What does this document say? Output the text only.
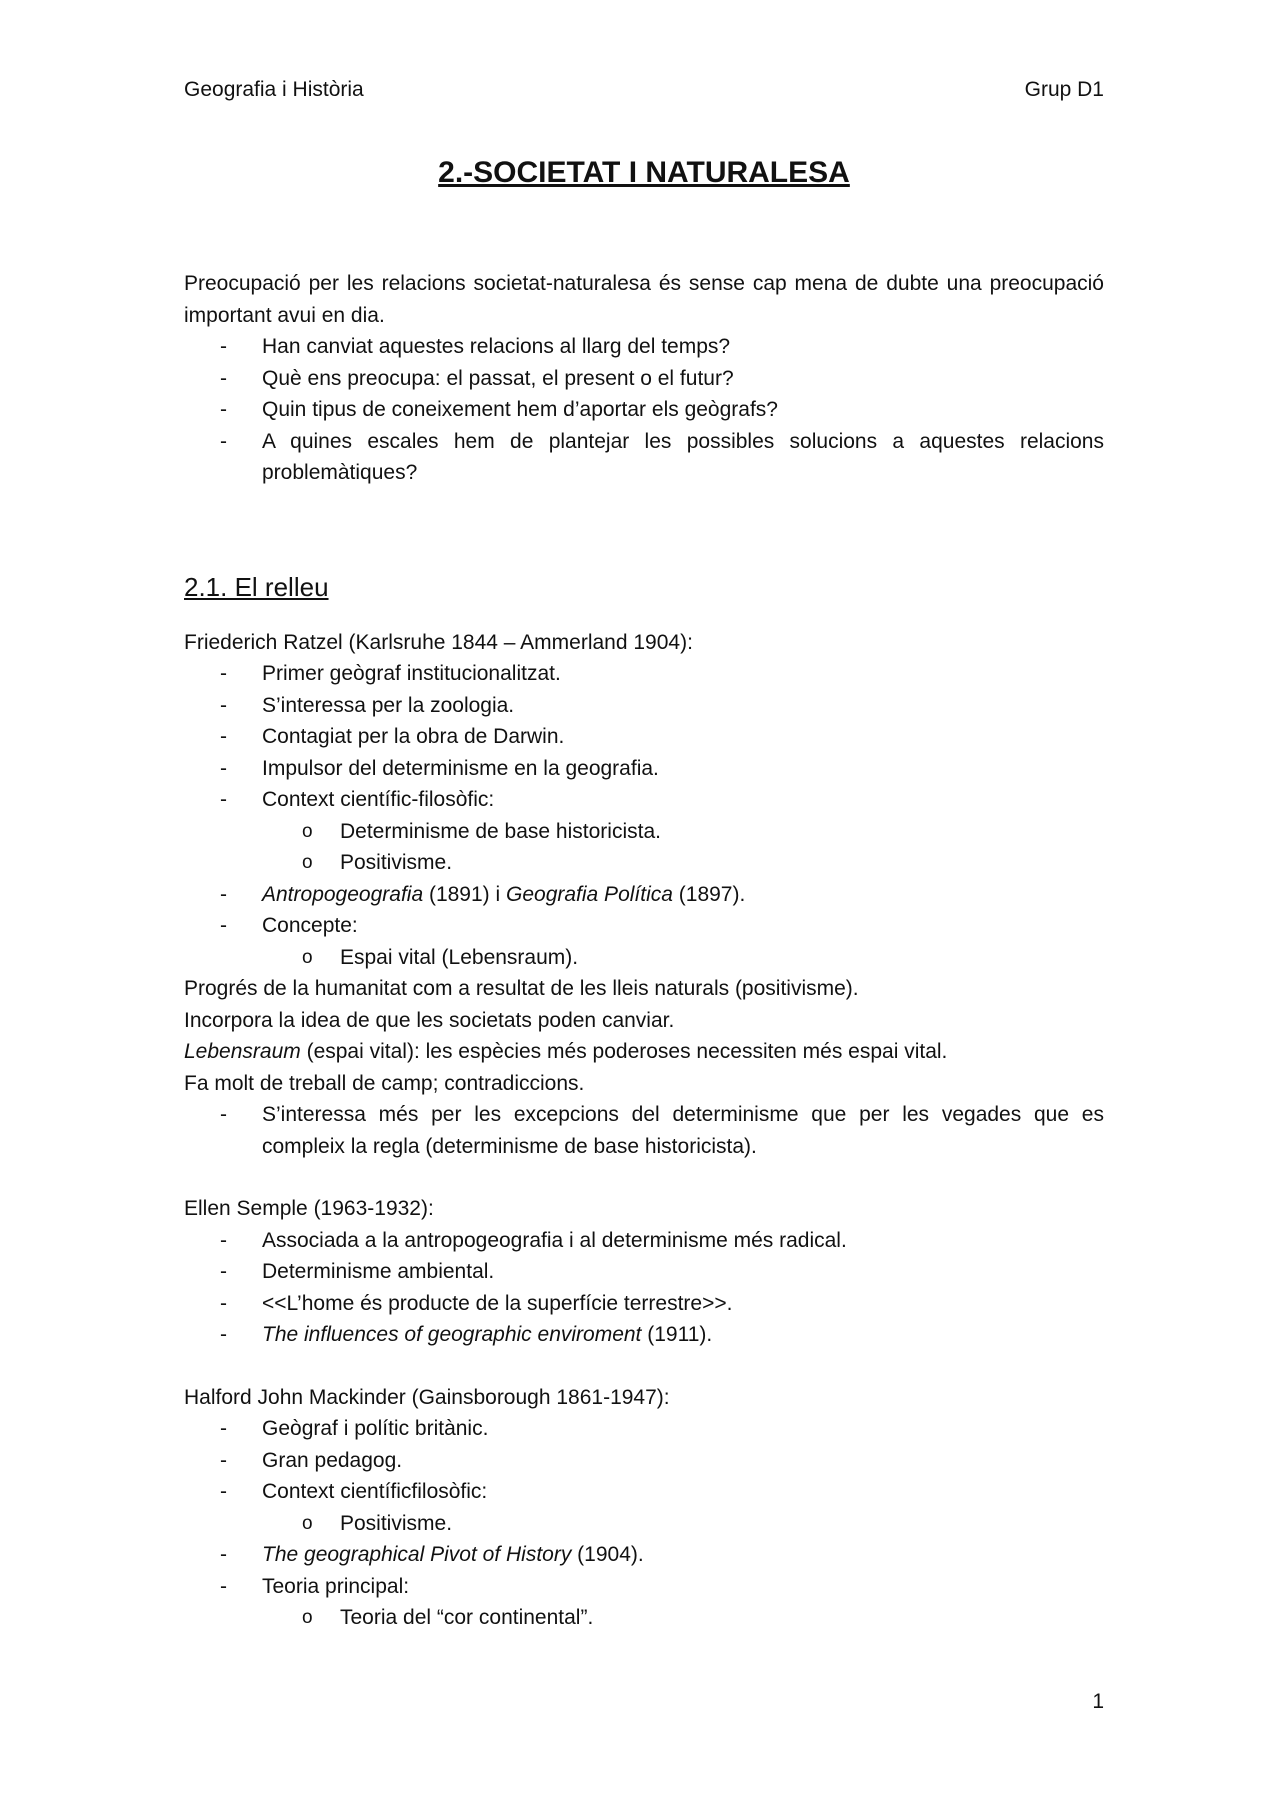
Geografia i Història	Grup D1
2.-SOCIETAT I NATURALESA

Preocupació per les relacions societat-naturalesa és sense cap mena de dubte una preocupació important avui en dia.

- Han canviat aquestes relacions al llarg del temps?
- Què ens preocupa: el passat, el present o el futur?
- Quin tipus de coneixement hem d’aportar els geògrafs?
- A quines escales hem de plantejar les possibles solucions a aquestes relacions problemàtiques?
2.1. El relleu

Friederich Ratzel (Karlsruhe 1844 – Ammerland 1904):

- Primer geògraf institucionalitzat.
- S’interessa per la zoologia.
- Contagiat per la obra de Darwin.
- Impulsor del determinisme en la geografia.
- Context científic-filosòfic:
o Determinisme de base historicista.
o Positivisme.
- Antropogeografia (1891) i Geografia Política (1897).
- Concepte:
o Espai vital (Lebensraum).

Progrés de la humanitat com a resultat de les lleis naturals (positivisme).

Incorpora la idea de que les societats poden canviar.

Lebensraum (espai vital): les espècies més poderoses necessiten més espai vital.

Fa molt de treball de camp; contradiccions.

- S’interessa més per les excepcions del determinisme que per les vegades que es compleix la regla (determinisme de base historicista).

Ellen Semple (1963-1932):

- Associada a la antropogeografia i al determinisme més radical.
- Determinisme ambiental.
- <<L’home és producte de la superfície terrestre>>.
- The influences of geographic enviroment (1911).

Halford John Mackinder (Gainsborough 1861-1947):

- Geògraf i polític britànic.
- Gran pedagog.
- Context científicfilosòfic:
o Positivisme.
- The geographical Pivot of History (1904).
- Teoria principal:
o Teoria del “cor continental”.
1
